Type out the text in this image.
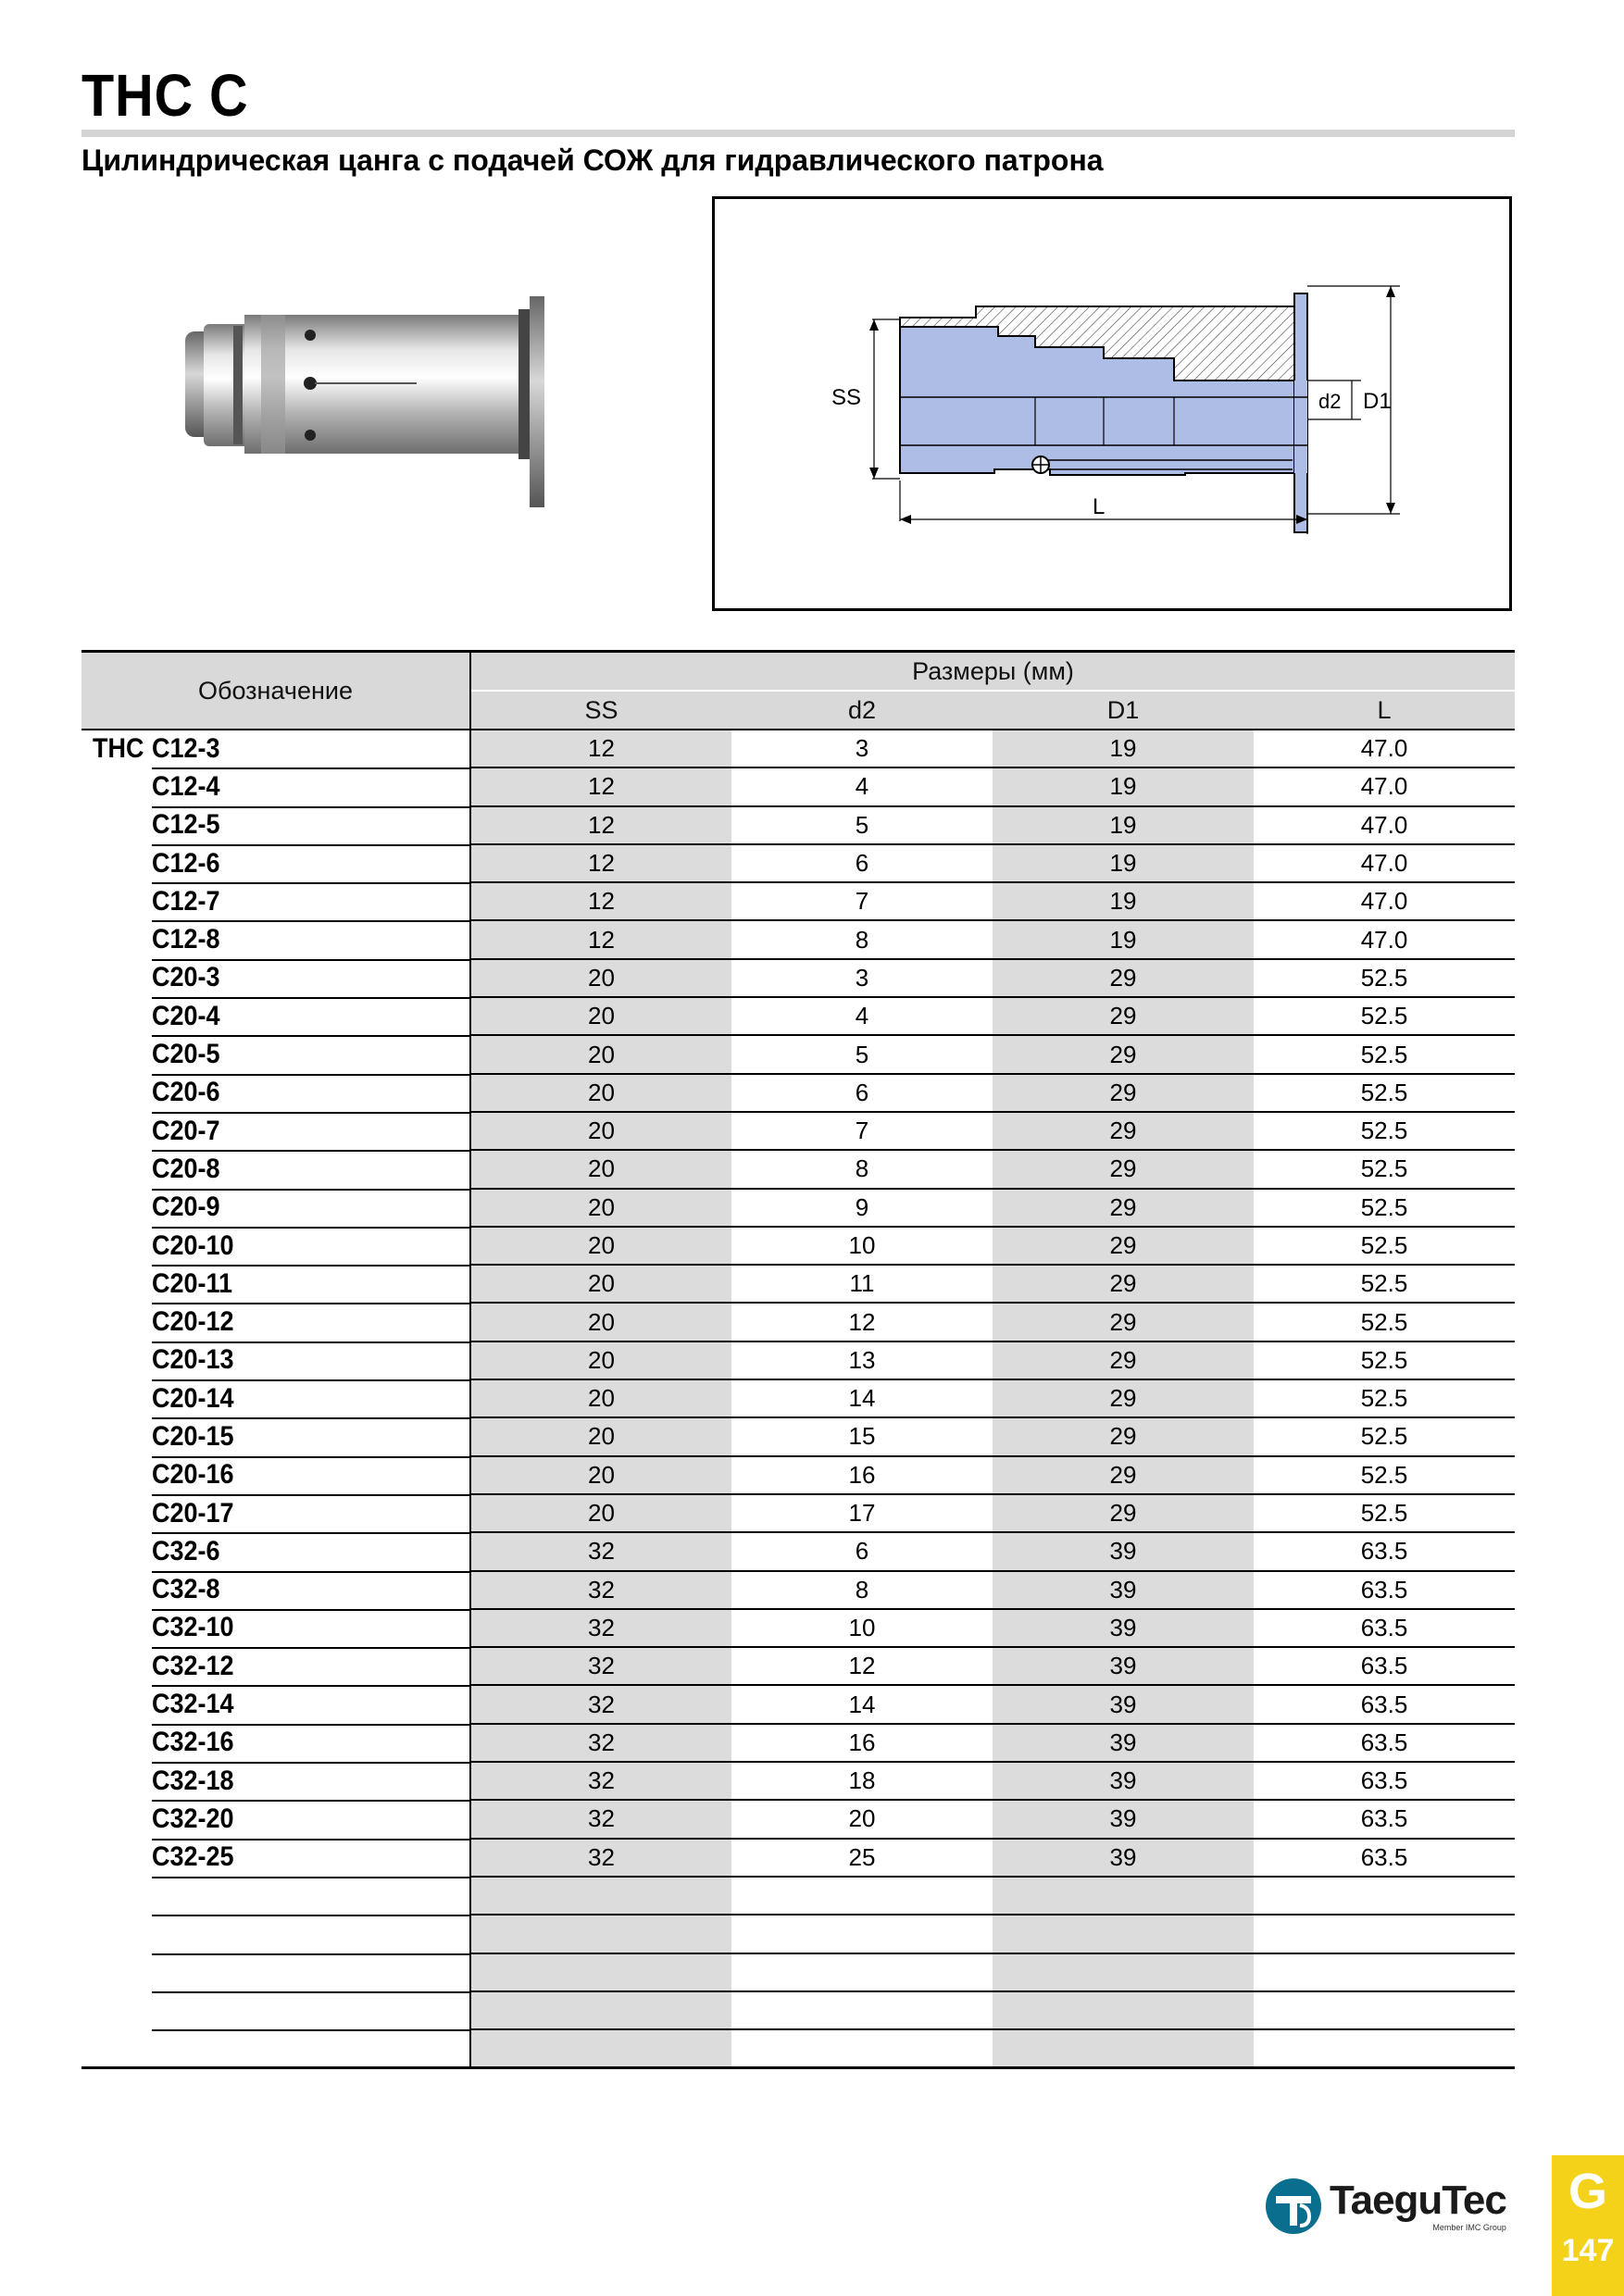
THC C
Цилиндрическая цанга с подачей СОЖ для гидравлического патрона
SS
L
d2 D1
Обозначение	Размеры (мм)			
	SS	d2	D1	L

THC C12-3	12	3	19	47.0

C12-4	12	4	19	47.0

C12-5	12	5	19	47.0

C12-6	12	6	19	47.0

C12-7	12	7	19	47.0

C12-8	12	8	19	47.0

C20-3	20	3	29	52.5

C20-4	20	4	29	52.5

C20-5	20	5	29	52.5

C20-6	20	6	29	52.5

C20-7	20	7	29	52.5

C20-8	20	8	29	52.5

C20-9	20	9	29	52.5

C20-10	20	10	29	52.5

C20-11	20	11	29	52.5

C20-12	20	12	29	52.5

C20-13	20	13	29	52.5

C20-14	20	14	29	52.5

C20-15	20	15	29	52.5

C20-16	20	16	29	52.5

C20-17	20	17	29	52.5

C32-6	32	6	39	63.5

C32-8	32	8	39	63.5

C32-10	32	10	39	63.5

C32-12	32	12	39	63.5

C32-14	32	14	39	63.5

C32-16	32	16	39	63.5

C32-18	32	18	39	63.5

C32-20	32	20	39	63.5

C32-25	32	25	39	63.5

TaeguTec
Member IMC Group
G
147
